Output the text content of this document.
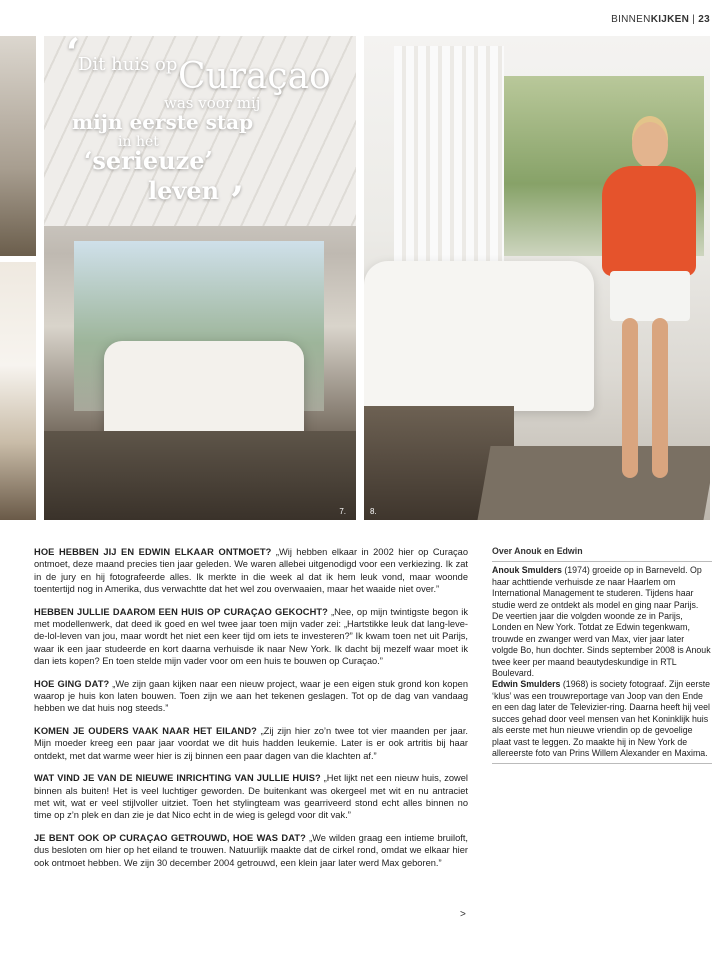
BINNENKIJKEN | 23
7.	8.
‘
Dit huis op Curaçao
was voor mij
mijn eerste stap
in het
‘serieuze’
leven ’

HOE HEBBEN JIJ EN EDWIN ELKAAR ONTMOET? „Wij hebben elkaar in 2002 hier op Curaçao ontmoet, deze maand precies tien jaar geleden. We waren allebei uitgenodigd voor een verkiezing. Ik zat in de jury en hij fotografeerde alles. Ik merkte in die week al dat ik hem leuk vond, maar woonde toentertijd nog in Amerika, dus verwachtte dat het wel zou overwaaien, maar het waaide niet over.”

HEBBEN JULLIE DAAROM EEN HUIS OP CURAÇAO GEKOCHT? „Nee, op mijn twintigste begon ik met modellenwerk, dat deed ik goed en wel twee jaar toen mijn vader zei: „Hartstikke leuk dat lang-leve-de-lol-leven van jou, maar wordt het niet een keer tijd om iets te investeren?” Ik kwam toen net uit Parijs, waar ik een jaar studeerde en kort daarna verhuisde ik naar New York. Ik dacht bij mezelf waar moet ik dan iets kopen? En toen stelde mijn vader voor om een huis te bouwen op Curaçao.”

HOE GING DAT? „We zijn gaan kijken naar een nieuw project, waar je een eigen stuk grond kon kopen waarop je huis kon laten bouwen. Toen zijn we aan het tekenen geslagen. Tot op de dag van vandaag hebben we dat huis nog steeds.”

KOMEN JE OUDERS VAAK NAAR HET EILAND? „Zij zijn hier zo’n twee tot vier maanden per jaar. Mijn moeder kreeg een paar jaar voordat we dit huis hadden leukemie. Later is er ook artritis bij haar ontdekt, met dat warme weer hier is zij binnen een paar dagen van die klachten af.”

WAT VIND JE VAN DE NIEUWE INRICHTING VAN JULLIE HUIS? „Het lijkt net een nieuw huis, zowel binnen als buiten! Het is veel luchtiger geworden. De buitenkant was okergeel met wit en nu antraciet met wit, wat er veel stijlvoller uitziet. Toen het stylingteam was gearriveerd stond echt alles binnen no time op z’n plek en dan zie je dat Nico echt in de wieg is gelegd voor dit vak.”

JE BENT OOK OP CURAÇAO GETROUWD, HOE WAS DAT? „We wilden graag een intieme bruiloft, dus besloten om hier op het eiland te trouwen. Natuurlijk maakte dat de cirkel rond, omdat we elkaar hier ook ontmoet hebben. We zijn 30 december 2004 getrouwd, een klein jaar later werd Max geboren.”

>
Over Anouk en Edwin
Anouk Smulders (1974) groeide op in Barneveld. Op haar achttiende verhuisde ze naar Haarlem om International Management te studeren. Tijdens haar studie werd ze ontdekt als model en ging naar Parijs. De veertien jaar die volgden woonde ze in Parijs, Londen en New York. Totdat ze Edwin tegenkwam, trouwde en zwanger werd van Max, vier jaar later volgde Bo, hun dochter. Sinds september 2008 is Anouk twee keer per maand beautydeskundige in RTL Boulevard.
Edwin Smulders (1968) is society fotograaf. Zijn eerste ‘klus’ was een trouwreportage van Joop van den Ende en een dag later de Televizier-ring. Daarna heeft hij veel succes gehad door veel mensen van het Koninklijk huis als eerste met hun nieuwe vriendin op de gevoelige plaat vast te leggen. Zo maakte hij in New York de allereerste foto van Prins Willem Alexander en Maxima.
